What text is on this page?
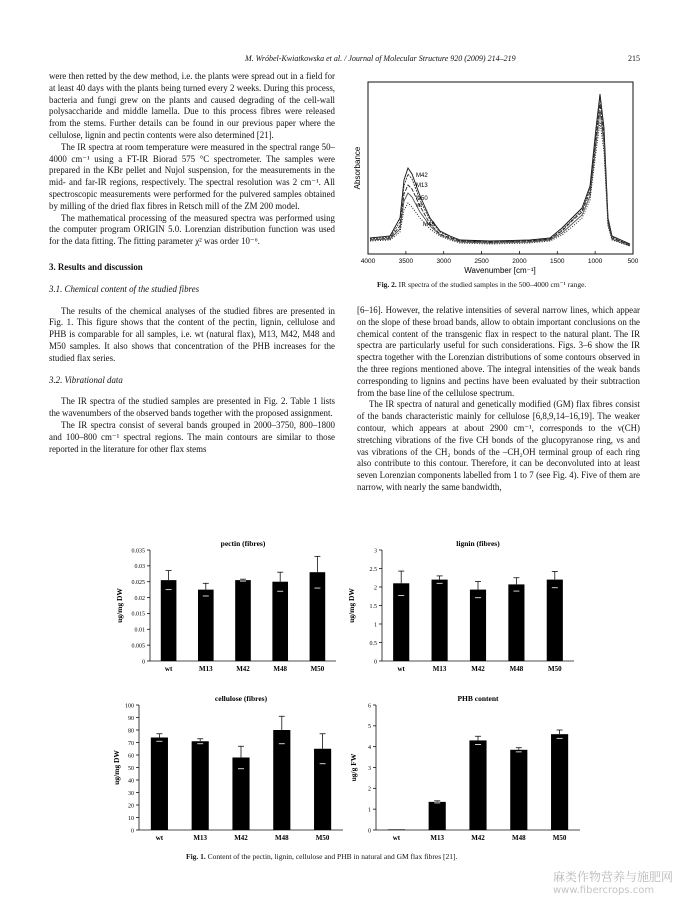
M. Wróbel-Kwiatkowska et al. / Journal of Molecular Structure 920 (2009) 214–219	215

were then retted by the dew method, i.e. the plants were spread out in a field for at least 40 days with the plants being turned every 2 weeks. During this process, bacteria and fungi grew on the plants and caused degrading of the cell-wall polysaccharide and middle lamella. Due to this process fibres were released from the stems. Further details can be found in our previous paper where the cellulose, lignin and pectin contents were also determined [21].

The IR spectra at room temperature were measured in the spectral range 50–4000 cm⁻¹ using a FT-IR Biorad 575 °C spectrometer. The samples were prepared in the KBr pellet and Nujol suspension, for the measurements in the mid- and far-IR regions, respectively. The spectral resolution was 2 cm⁻¹. All spectroscopic measurements were performed for the pulvered samples obtained by milling of the dried flax fibres in Retsch mill of the ZM 200 model.

The mathematical processing of the measured spectra was performed using the computer program ORIGIN 5.0. Lorenzian distribution function was used for the data fitting. The fitting parameter χ² was order 10⁻⁶.

3. Results and discussion
3.1. Chemical content of the studied fibres

The results of the chemical analyses of the studied fibres are presented in Fig. 1. This figure shows that the content of the pectin, lignin, cellulose and PHB is comparable for all samples, i.e. wt (natural flax), M13, M42, M48 and M50 samples. It also shows that concentration of the PHB increases for the studied flax series.

3.2. Vibrational data

The IR spectra of the studied samples are presented in Fig. 2. Table 1 lists the wavenumbers of the observed bands together with the proposed assignment.

The IR spectra consist of several bands grouped in 2000–3750, 800–1800 and 100–800 cm⁻¹ spectral regions. The main contours are similar to those reported in the literature for other flax stems

[6–16]. However, the relative intensities of several narrow lines, which appear on the slope of these broad bands, allow to obtain important conclusions on the chemical content of the transgenic flax in respect to the natural plant. The IR spectra are particularly useful for such considerations. Figs. 3–6 show the IR spectra together with the Lorenzian distributions of some contours observed in the three regions mentioned above. The integral intensities of the weak bands corresponding to lignins and pectins have been evaluated by their subtraction from the base line of the cellulose spectrum.

The IR spectra of natural and genetically modified (GM) flax fibres consist of the bands characteristic mainly for cellulose [6,8,9,14–16,19]. The weaker contour, which appears at about 2900 cm⁻¹, corresponds to the ν(CH) stretching vibrations of the five CH bonds of the glucopyranose ring, νs and νas vibrations of the CH₂ bonds of the –CH₂OH terminal group of each ring also contribute to this contour. Therefore, it can be deconvoluted into at least seven Lorenzian components labelled from 1 to 7 (see Fig. 4). Five of them are narrow, with nearly the same bandwidth,

Absorbance
4000	3500	3000	2500	2000	1500	1000	500
Wavenumber [cm⁻¹]
M42
M13
M50
wt
M48
Fig. 2. IR spectra of the studied samples in the 500–4000 cm⁻¹ range.
pectin (fibres)
ug/mg DW
0
0.005
0.01
0.015
0.02
0.025
0.03
0.035
wt	M13	M42	M48	M50
lignin (fibres)
ug/mg DW
0
0.5
1
1.5
2
2.5
3
wt	M13	M42	M48	M50
cellulose (fibres)
ug/mg DW
0
10
20
30
40
50
60
70
80
90
100
wt	M13	M42	M48	M50
PHB content
ug/g FW
0
1
2
3
4
5
6
wt	M13	M42	M48	M50
Fig. 1. Content of the pectin, lignin, cellulose and PHB in natural and GM flax fibres [21].
麻类作物营养与施肥网
www.fibercrops.com
